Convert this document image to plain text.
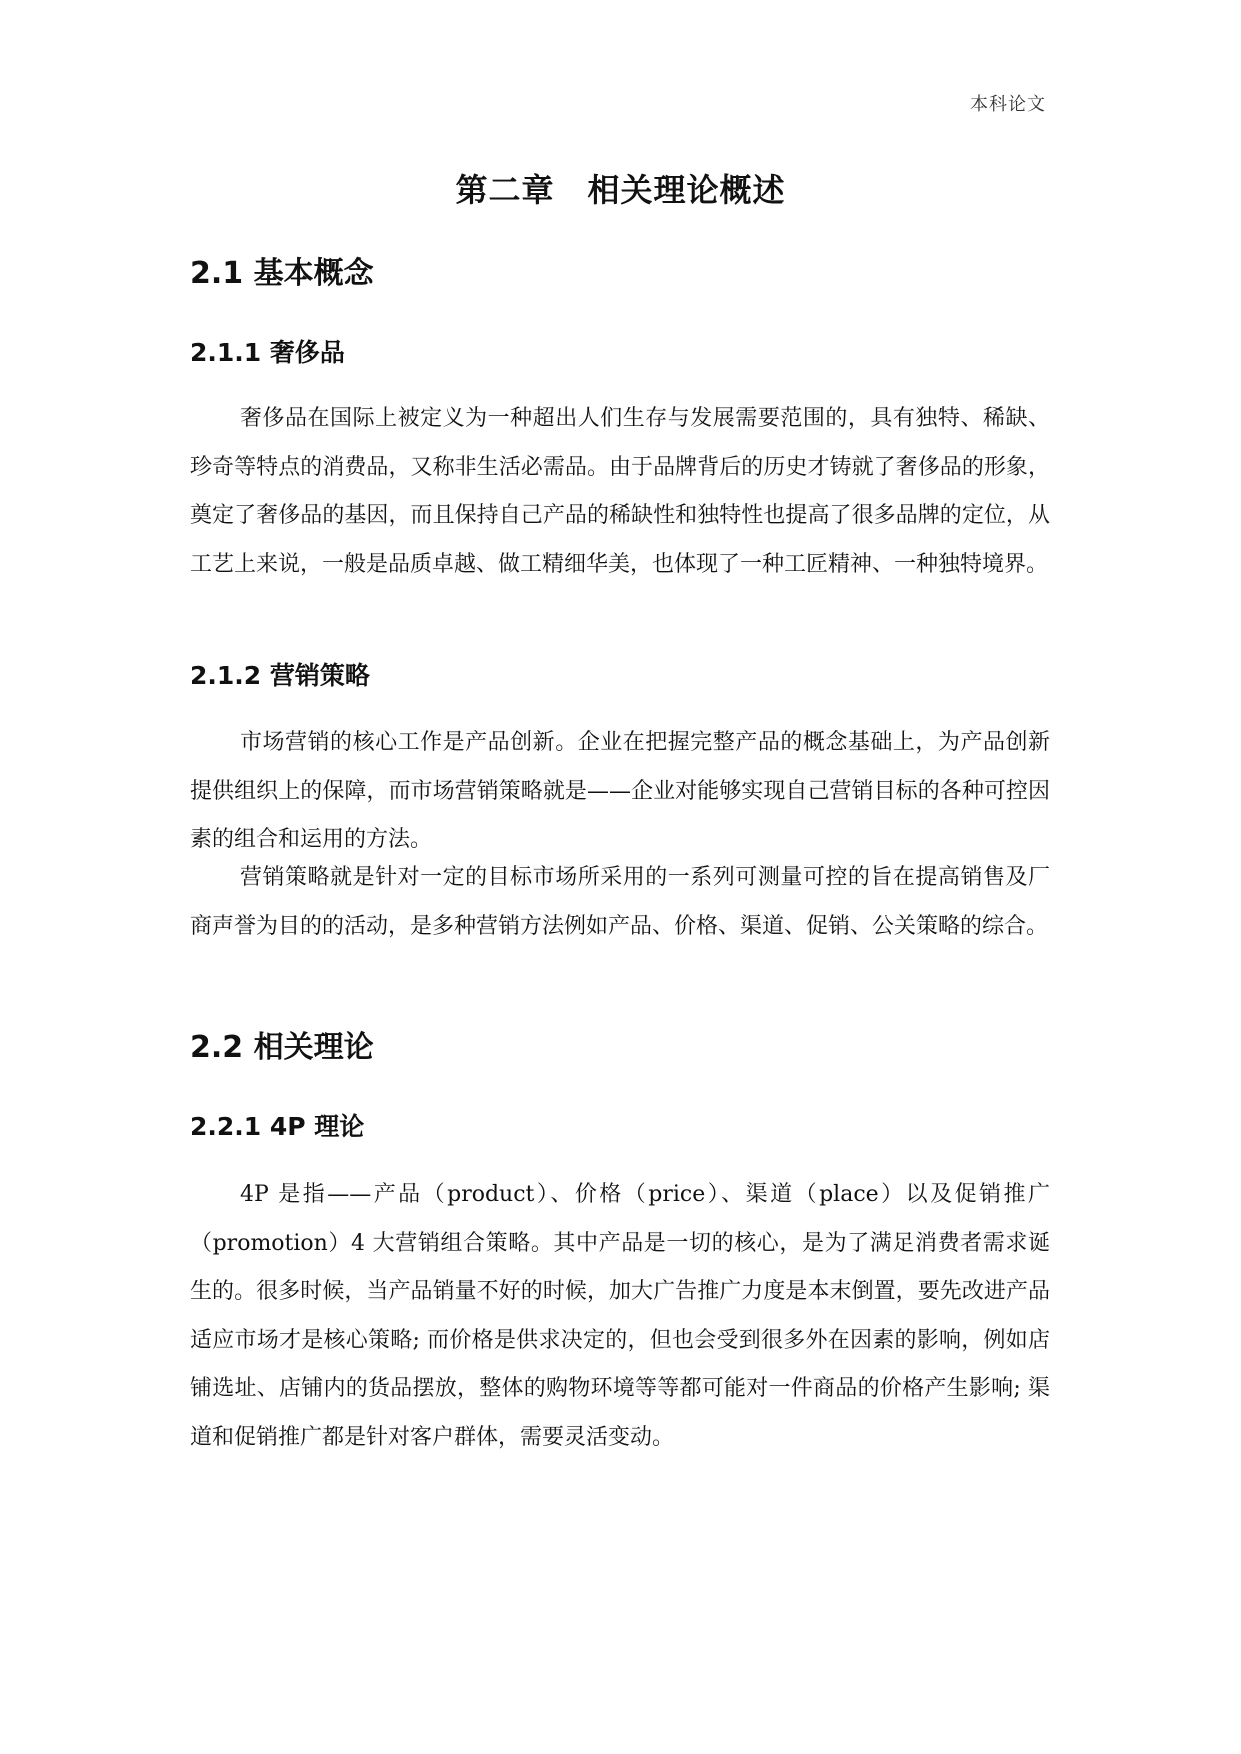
本科论文
第二章　相关理论概述
2.1 基本概念
2.1.1 奢侈品

奢侈品在国际上被定义为一种超出人们生存与发展需要范围的，具有独特、稀缺、珍奇等特点的消费品，又称非生活必需品。由于品牌背后的历史才铸就了奢侈品的形象，奠定了奢侈品的基因，而且保持自己产品的稀缺性和独特性也提高了很多品牌的定位，从工艺上来说，一般是品质卓越、做工精细华美，也体现了一种工匠精神、一种独特境界。

2.1.2 营销策略

市场营销的核心工作是产品创新。企业在把握完整产品的概念基础上，为产品创新提供组织上的保障，而市场营销策略就是——企业对能够实现自己营销目标的各种可控因素的组合和运用的方法。

营销策略就是针对一定的目标市场所采用的一系列可测量可控的旨在提高销售及厂商声誉为目的的活动，是多种营销方法例如产品、价格、渠道、促销、公关策略的综合。

2.2 相关理论
2.2.1 4P 理论

4P 是指——产品（product）、价格（price）、渠道（place）以及促销推广（promotion）4 大营销组合策略。其中产品是一切的核心，是为了满足消费者需求诞生的。很多时候，当产品销量不好的时候，加大广告推广力度是本末倒置，要先改进产品适应市场才是核心策略; 而价格是供求决定的，但也会受到很多外在因素的影响，例如店铺选址、店铺内的货品摆放，整体的购物环境等等都可能对一件商品的价格产生影响; 渠道和促销推广都是针对客户群体，需要灵活变动。
